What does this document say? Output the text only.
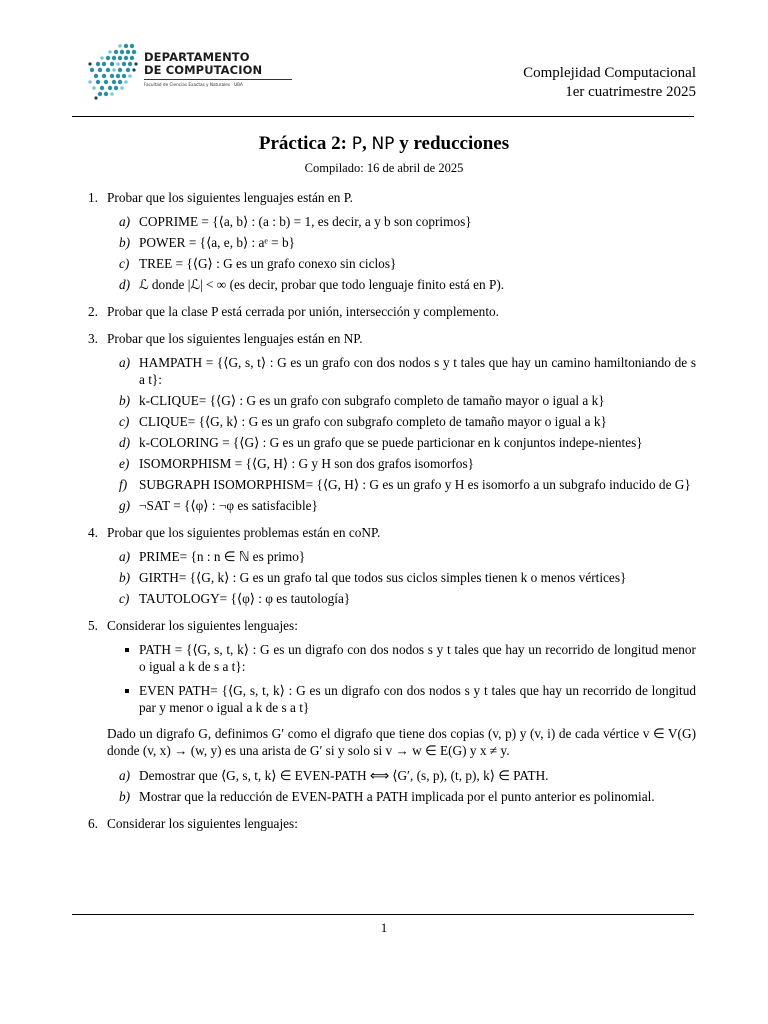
DEPARTAMENTO
DE COMPUTACION
Facultad de Ciencias Exactas y Naturales · UBA
Complejidad Computacional
1er cuatrimestre 2025
Práctica 2: P, NP y reducciones
Compilado: 16 de abril de 2025
1. Probar que los siguientes lenguajes están en P.
a) COPRIME = {⟨a, b⟩ : (a : b) = 1, es decir, a y b son coprimos}
b) POWER = {⟨a, e, b⟩ : aᵉ = b}
c) TREE = {⟨G⟩ : G es un grafo conexo sin ciclos}
d) ℒ donde |ℒ| < ∞ (es decir, probar que todo lenguaje finito está en P).
2. Probar que la clase P está cerrada por unión, intersección y complemento.
3. Probar que los siguientes lenguajes están en NP.
a) HAMPATH = {⟨G, s, t⟩ : G es un grafo con dos nodos s y t tales que hay un camino hamiltoniando de s a t}:
b) k-CLIQUE= {⟨G⟩ : G es un grafo con subgrafo completo de tamaño mayor o igual a k}
c) CLIQUE= {⟨G, k⟩ : G es un grafo con subgrafo completo de tamaño mayor o igual a k}
d) k-COLORING = {⟨G⟩ : G es un grafo que se puede particionar en k conjuntos indepe-nientes}
e) ISOMORPHISM = {⟨G, H⟩ : G y H son dos grafos isomorfos}
f) SUBGRAPH ISOMORPHISM= {⟨G, H⟩ : G es un grafo y H es isomorfo a un subgrafo inducido de G}
g) ¬SAT = {⟨φ⟩ : ¬φ es satisfacible}
4. Probar que los siguientes problemas están en coNP.
a) PRIME= {n : n ∈ ℕ es primo}
b) GIRTH= {⟨G, k⟩ : G es un grafo tal que todos sus ciclos simples tienen k o menos vértices}
c) TAUTOLOGY= {⟨φ⟩ : φ es tautología}
5. Considerar los siguientes lenguajes:
PATH = {⟨G, s, t, k⟩ : G es un digrafo con dos nodos s y t tales que hay un recorrido de longitud menor o igual a k de s a t}:
EVEN PATH= {⟨G, s, t, k⟩ : G es un digrafo con dos nodos s y t tales que hay un recorrido de longitud par y menor o igual a k de s a t}
Dado un digrafo G, definimos G′ como el digrafo que tiene dos copias (v, p) y (v, i) de cada vértice v ∈ V(G) donde (v, x) → (w, y) es una arista de G′ si y solo si v → w ∈ E(G) y x ≠ y.
a) Demostrar que ⟨G, s, t, k⟩ ∈ EVEN-PATH ⟺ ⟨G′, (s, p), (t, p), k⟩ ∈ PATH.
b) Mostrar que la reducción de EVEN-PATH a PATH implicada por el punto anterior es polinomial.
6. Considerar los siguientes lenguajes:
1
